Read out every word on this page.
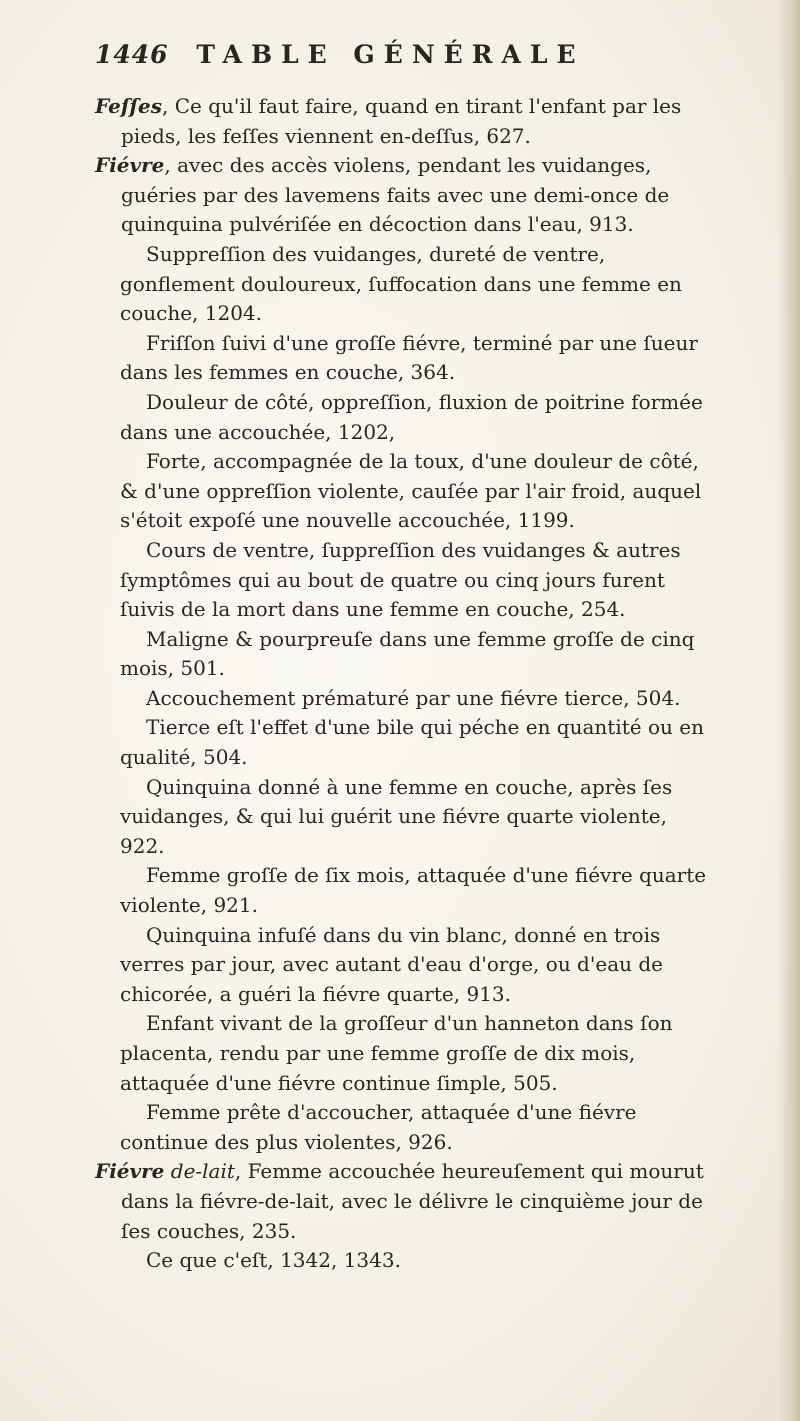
1446 TABLE GÉNÉRALE

Feſſes, Ce qu'il faut faire, quand en tirant l'enfant par les pieds, les feſſes viennent en-deſſus, 627.

Fiévre, avec des accès violens, pendant les vuidanges, guéries par des lavemens faits avec une demi-once de quinquina pulvériſée en décoction dans l'eau, 913.

Suppreſſion des vuidanges, dureté de ventre, gonflement douloureux, ſuffocation dans une femme en couche, 1204.

Friſſon ſuivi d'une groſſe fiévre, terminé par une ſueur dans les femmes en couche, 364.

Douleur de côté, oppreſſion, fluxion de poitrine formée dans une accouchée, 1202,

Forte, accompagnée de la toux, d'une douleur de côté, & d'une oppreſſion violente, cauſée par l'air froid, auquel s'étoit expoſé une nouvelle accouchée, 1199.

Cours de ventre, ſuppreſſion des vuidanges & autres ſymptômes qui au bout de quatre ou cinq jours furent ſuivis de la mort dans une femme en couche, 254.

Maligne & pourpreuſe dans une femme groſſe de cinq mois, 501.

Accouchement prématuré par une fiévre tierce, 504.

Tierce eſt l'effet d'une bile qui péche en quantité ou en qualité, 504.

Quinquina donné à une femme en couche, après ſes vuidanges, & qui lui guérit une fiévre quarte violente, 922.

Femme groſſe de ſix mois, attaquée d'une fiévre quarte violente, 921.

Quinquina infuſé dans du vin blanc, donné en trois verres par jour, avec autant d'eau d'orge, ou d'eau de chicorée, a guéri la fiévre quarte, 913.

Enfant vivant de la groſſeur d'un hanneton dans ſon placenta, rendu par une femme groſſe de dix mois, attaquée d'une fiévre continue ſimple, 505.

Femme prête d'accoucher, attaquée d'une fiévre continue des plus violentes, 926.

Fiévre de-lait, Femme accouchée heureuſement qui mourut dans la fiévre-de-lait, avec le délivre le cinquième jour de ſes couches, 235.

Ce que c'eſt, 1342, 1343.
